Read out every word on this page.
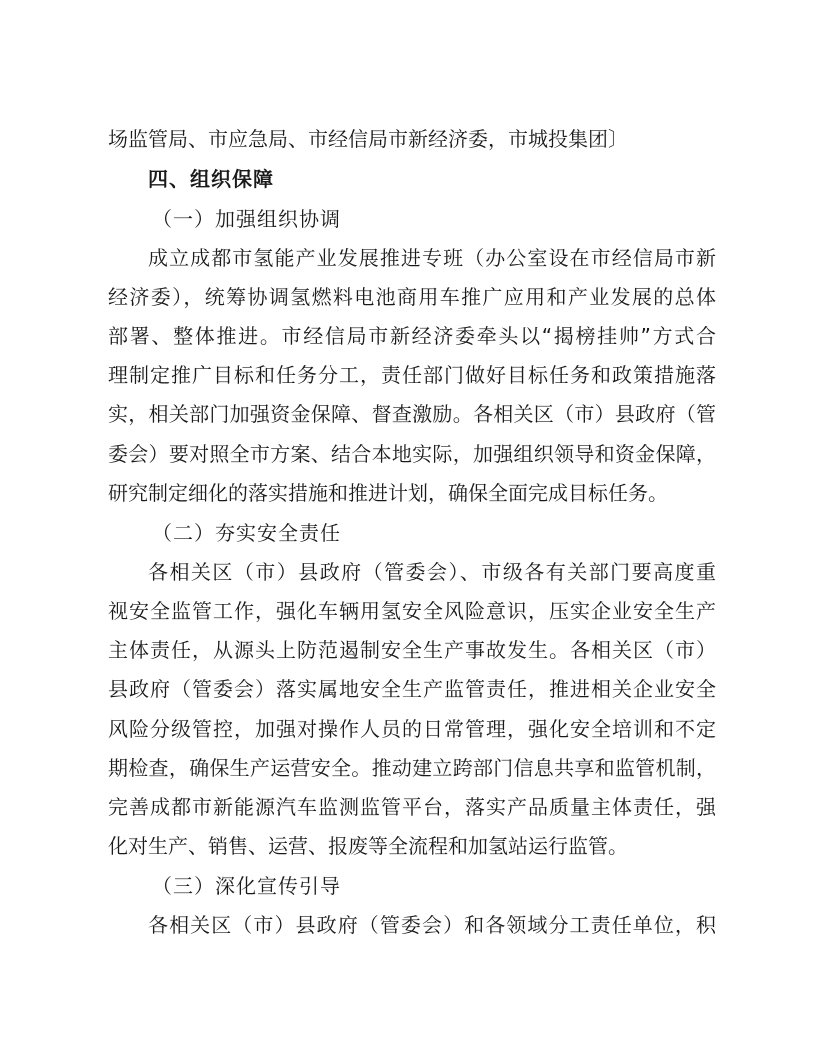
场监管局、市应急局、市经信局市新经济委，市城投集团〕
四、组织保障
（一）加强组织协调
成立成都市氢能产业发展推进专班（办公室设在市经信局市新
经济委），统筹协调氢燃料电池商用车推广应用和产业发展的总体
部署、整体推进。市经信局市新经济委牵头以“揭榜挂帅”方式合
理制定推广目标和任务分工，责任部门做好目标任务和政策措施落
实，相关部门加强资金保障、督查激励。各相关区（市）县政府（管
委会）要对照全市方案、结合本地实际，加强组织领导和资金保障，
研究制定细化的落实措施和推进计划，确保全面完成目标任务。
（二）夯实安全责任
各相关区（市）县政府（管委会）、市级各有关部门要高度重
视安全监管工作，强化车辆用氢安全风险意识，压实企业安全生产
主体责任，从源头上防范遏制安全生产事故发生。各相关区（市）
县政府（管委会）落实属地安全生产监管责任，推进相关企业安全
风险分级管控，加强对操作人员的日常管理，强化安全培训和不定
期检查，确保生产运营安全。推动建立跨部门信息共享和监管机制，
完善成都市新能源汽车监测监管平台，落实产品质量主体责任，强
化对生产、销售、运营、报废等全流程和加氢站运行监管。
（三）深化宣传引导
各相关区（市）县政府（管委会）和各领域分工责任单位，积
